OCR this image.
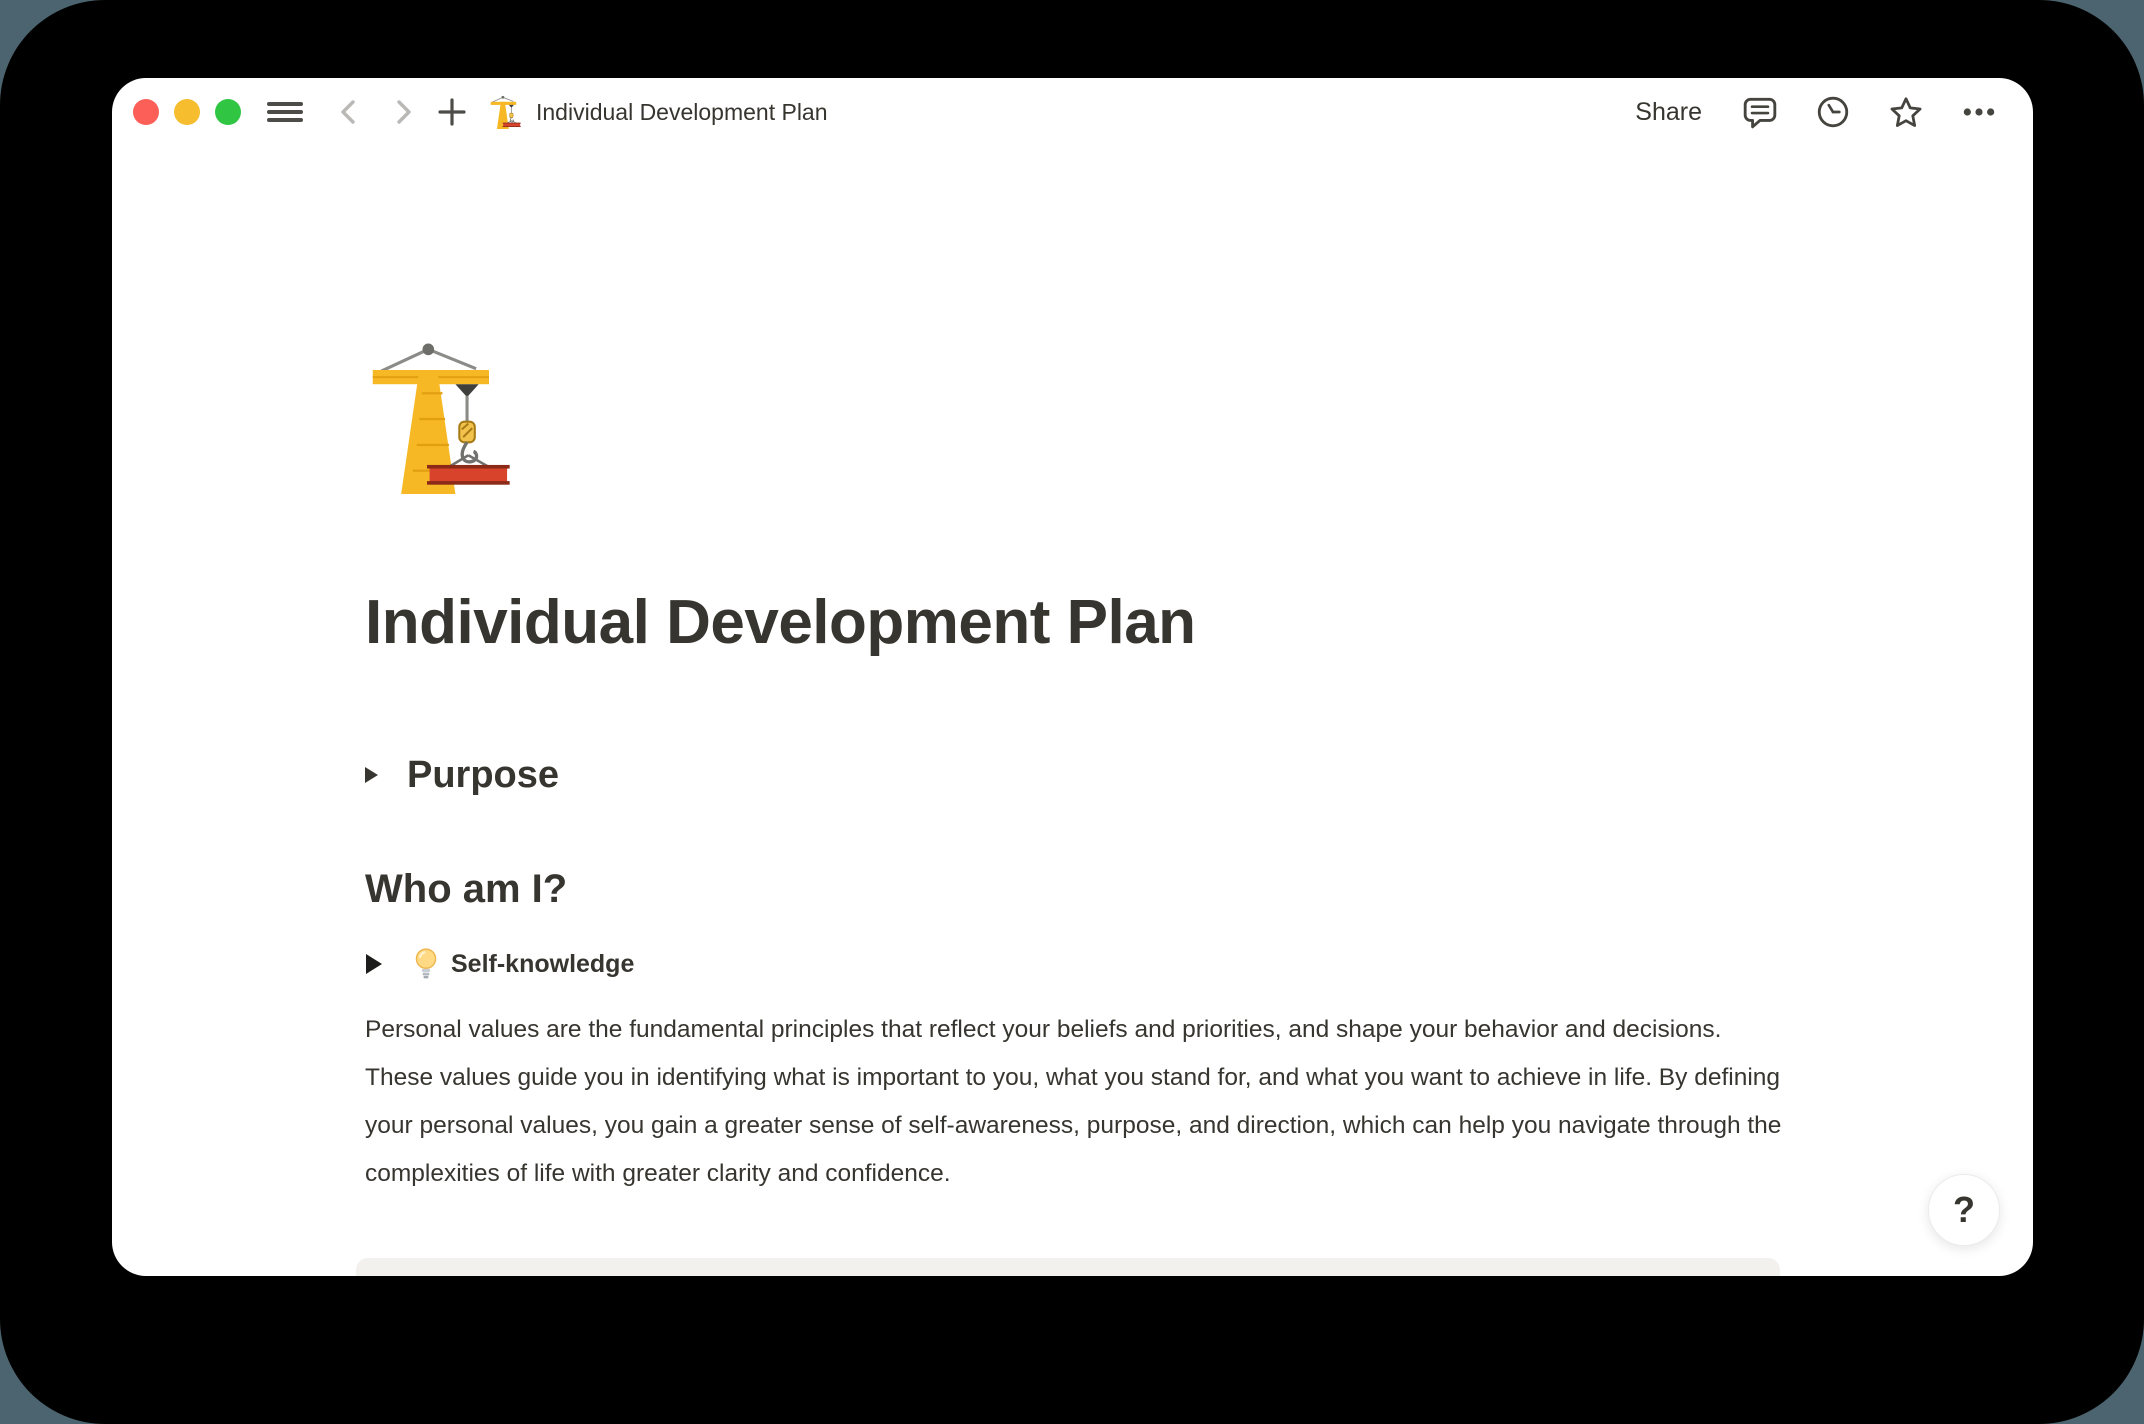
Individual Development Plan	Share
Individual Development Plan
Purpose
Who am I?
Self-knowledge

Personal values are the fundamental principles that reflect your beliefs and priorities, and shape your behavior and decisions. These values guide you in identifying what is important to you, what you stand for, and what you want to achieve in life. By defining your personal values, you gain a greater sense of self-awareness, purpose, and direction, which can help you navigate through the complexities of life with greater clarity and confidence.

?
